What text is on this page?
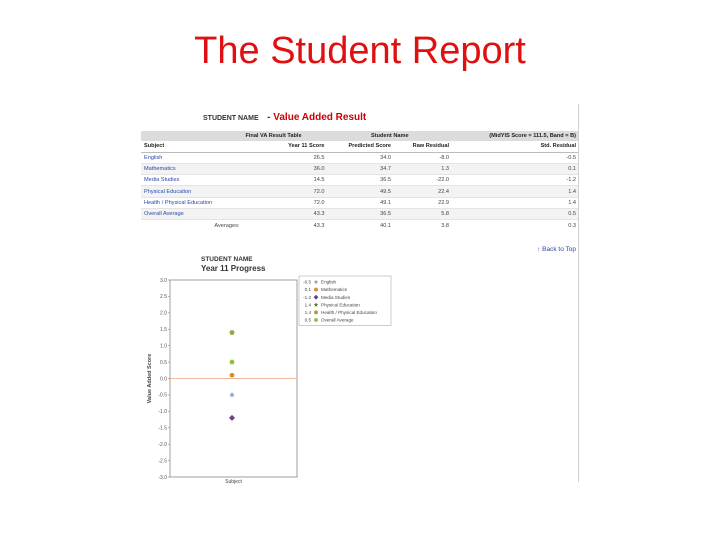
The Student Report
STUDENT NAME - Value Added Result
	Final VA Result Table	Student Name		(MidYIS Score = 111.5, Band = B)
Subject	Year 11 Score	Predicted Score	Raw Residual	Std. Residual
English	26.5	34.0	-8.0	-0.5
Mathematics	36.0	34.7	1.3	0.1
Media Studies	14.5	36.5	-22.0	-1.2
Physical Education	72.0	49.5	22.4	1.4
Health / Physical Education	72.0	49.1	22.9	1.4
Overall Average	43.3	36.5	5.8	0.5
Averages:	43.3	40.1	3.8	0.3
↑ Back to Top
STUDENT NAME
Year 11 Progress
3.0
2.5
2.0
1.5
1.0
0.5
0.0
-0.5
-1.0
-1.5
-2.0
-2.5
-3.0
Value Added Score
Subject
-0.5 English
0.1 Mathematics
-1.2 Media Studies
1.4 Physical Education
1.4 Health / Physical Education
0.5 Overall Average
